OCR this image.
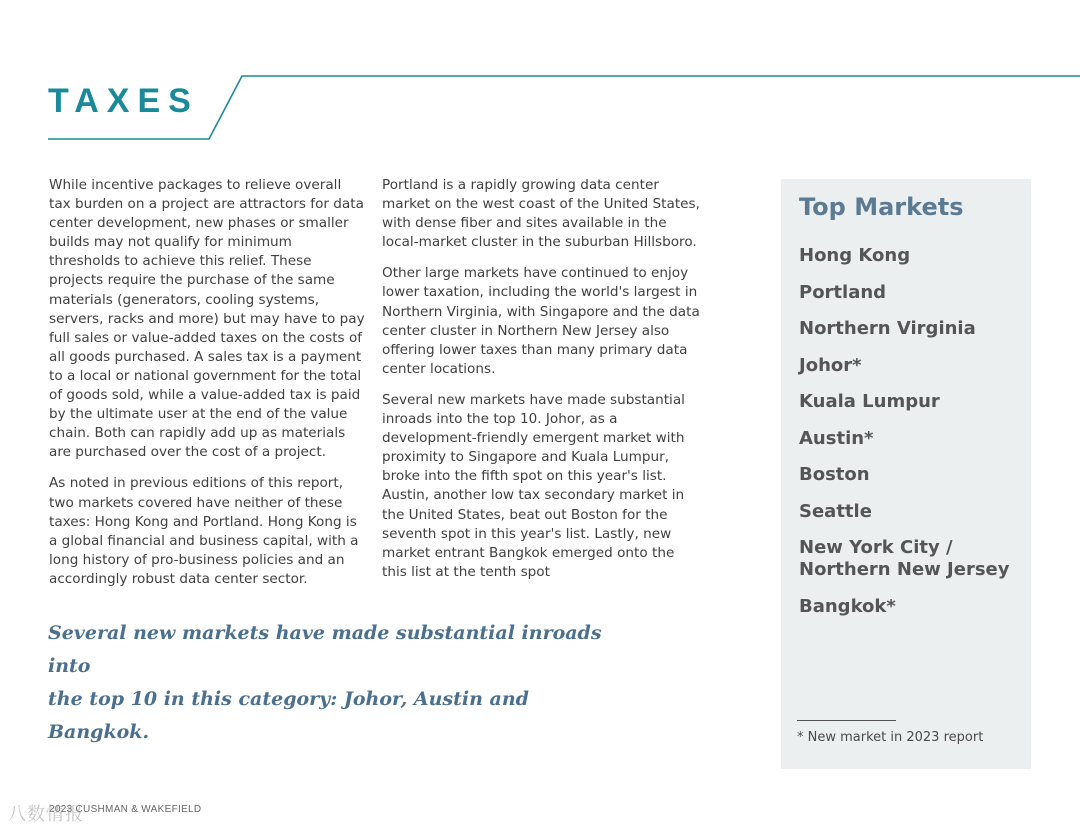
TAXES

While incentive packages to relieve overall tax burden on a project are attractors for data center development, new phases or smaller builds may not qualify for minimum thresholds to achieve this relief. These projects require the purchase of the same materials (generators, cooling systems, servers, racks and more) but may have to pay full sales or value-added taxes on the costs of all goods purchased. A sales tax is a payment to a local or national government for the total of goods sold, while a value-added tax is paid by the ultimate user at the end of the value chain. Both can rapidly add up as materials are purchased over the cost of a project.

As noted in previous editions of this report, two markets covered have neither of these taxes: Hong Kong and Portland. Hong Kong is a global financial and business capital, with a long history of pro-business policies and an accordingly robust data center sector.

Portland is a rapidly growing data center market on the west coast of the United States, with dense fiber and sites available in the local-market cluster in the suburban Hillsboro.

Other large markets have continued to enjoy lower taxation, including the world's largest in Northern Virginia, with Singapore and the data center cluster in Northern New Jersey also offering lower taxes than many primary data center locations.

Several new markets have made substantial inroads into the top 10. Johor, as a development-friendly emergent market with proximity to Singapore and Kuala Lumpur, broke into the fifth spot on this year's list. Austin, another low tax secondary market in the United States, beat out Boston for the seventh spot in this year's list. Lastly, new market entrant Bangkok emerged onto the this list at the tenth spot

Several new markets have made substantial inroads into
the top 10 in this category: Johor, Austin and Bangkok.
Top Markets
Hong Kong
Portland
Northern Virginia
Johor*
Kuala Lumpur
Austin*
Boston
Seattle
New York City / Northern New Jersey
Bangkok*
* New market in 2023 report
2023 CUSHMAN & WAKEFIELD
八数情报
